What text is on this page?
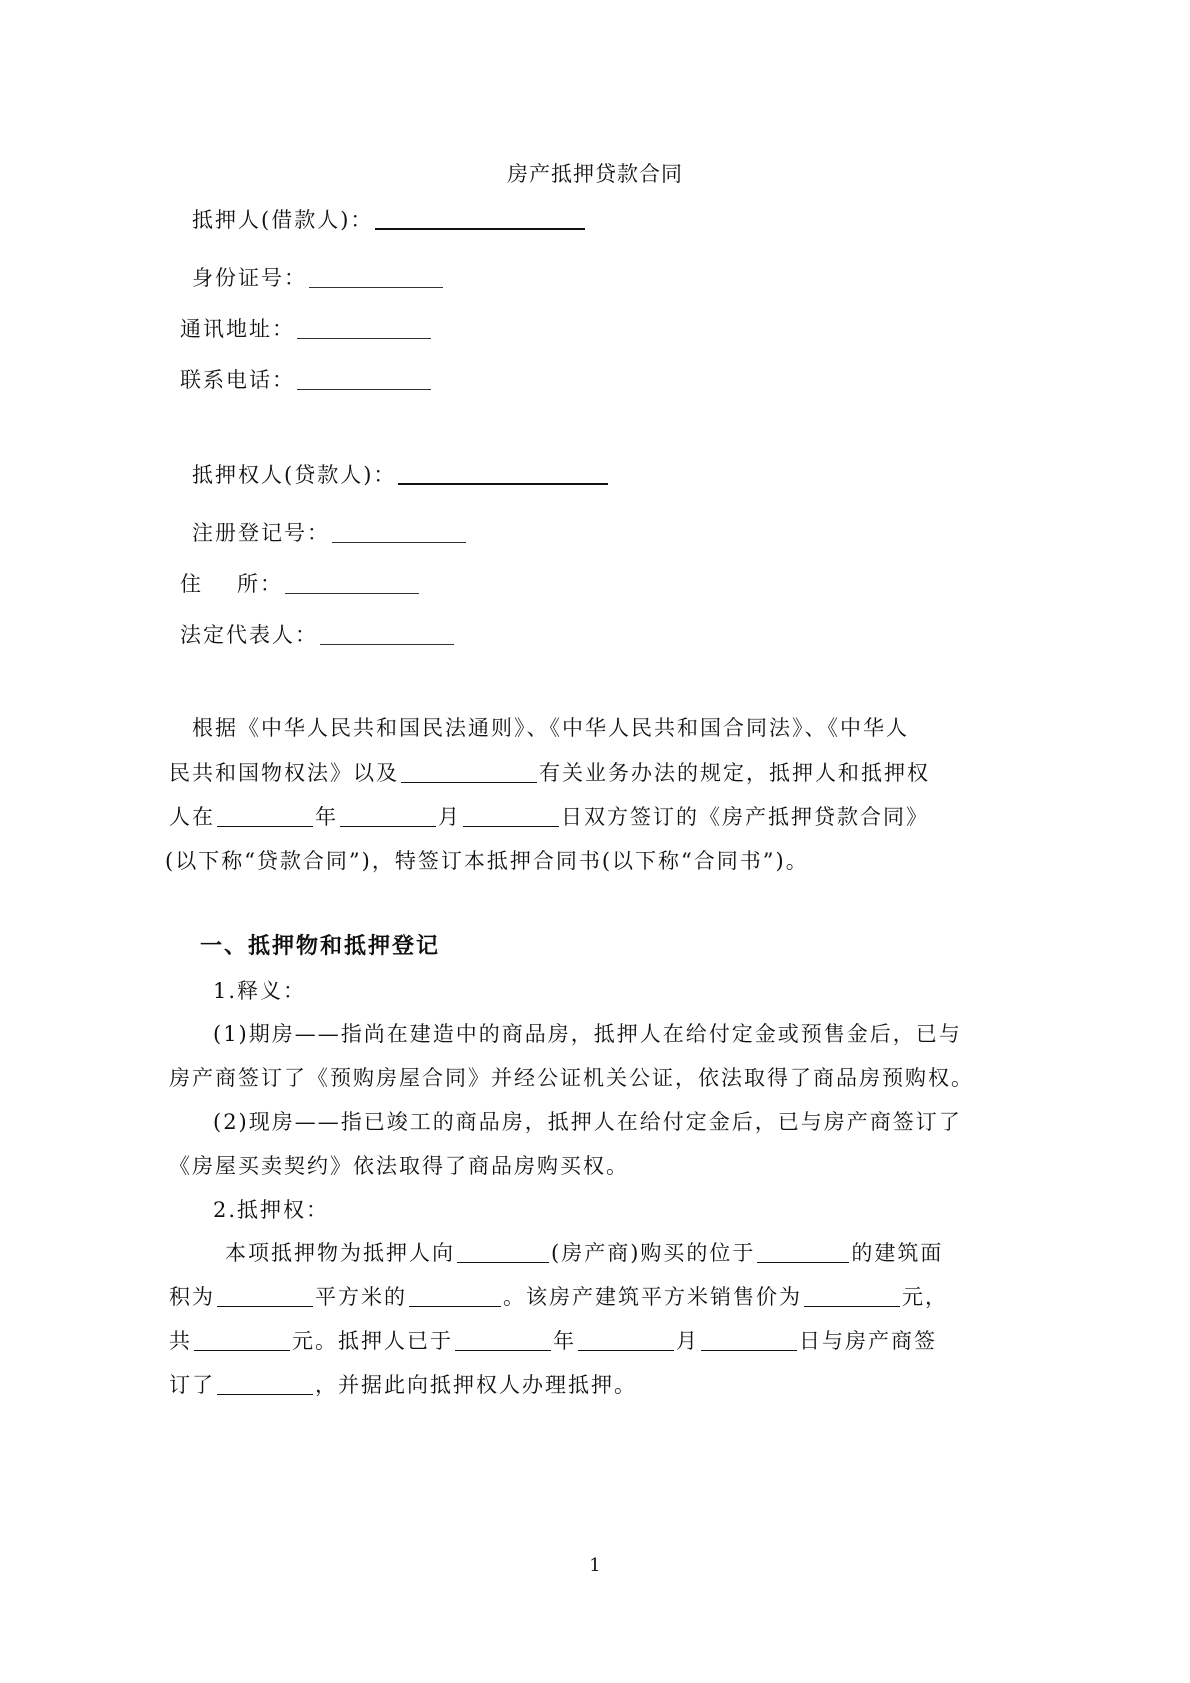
房产抵押贷款合同
抵押人(借款人)：
身份证号：
通讯地址：
联系电话：
抵押权人(贷款人)：
注册登记号：
住 所：
法定代表人：
根据《中华人民共和国民法通则》、《中华人民共和国合同法》、《中华人
民共和国物权法》以及	有关业务办法的规定，抵押人和抵押权
人在	年	月	日双方签订的《房产抵押贷款合同》
(以下称“贷款合同”)，特签订本抵押合同书(以下称“合同书”)。
一、抵押物和抵押登记
1.释义：
(1)期房——指尚在建造中的商品房，抵押人在给付定金或预售金后，已与
房产商签订了《预购房屋合同》并经公证机关公证，依法取得了商品房预购权。
(2)现房——指已竣工的商品房，抵押人在给付定金后，已与房产商签订了
《房屋买卖契约》依法取得了商品房购买权。
2.抵押权：
本项抵押物为抵押人向	(房产商)购买的位于	的建筑面
积为	平方米的	。该房产建筑平方米销售价为	元，
共	元。抵押人已于	年	月	日与房产商签
订了	，并据此向抵押权人办理抵押。
1
